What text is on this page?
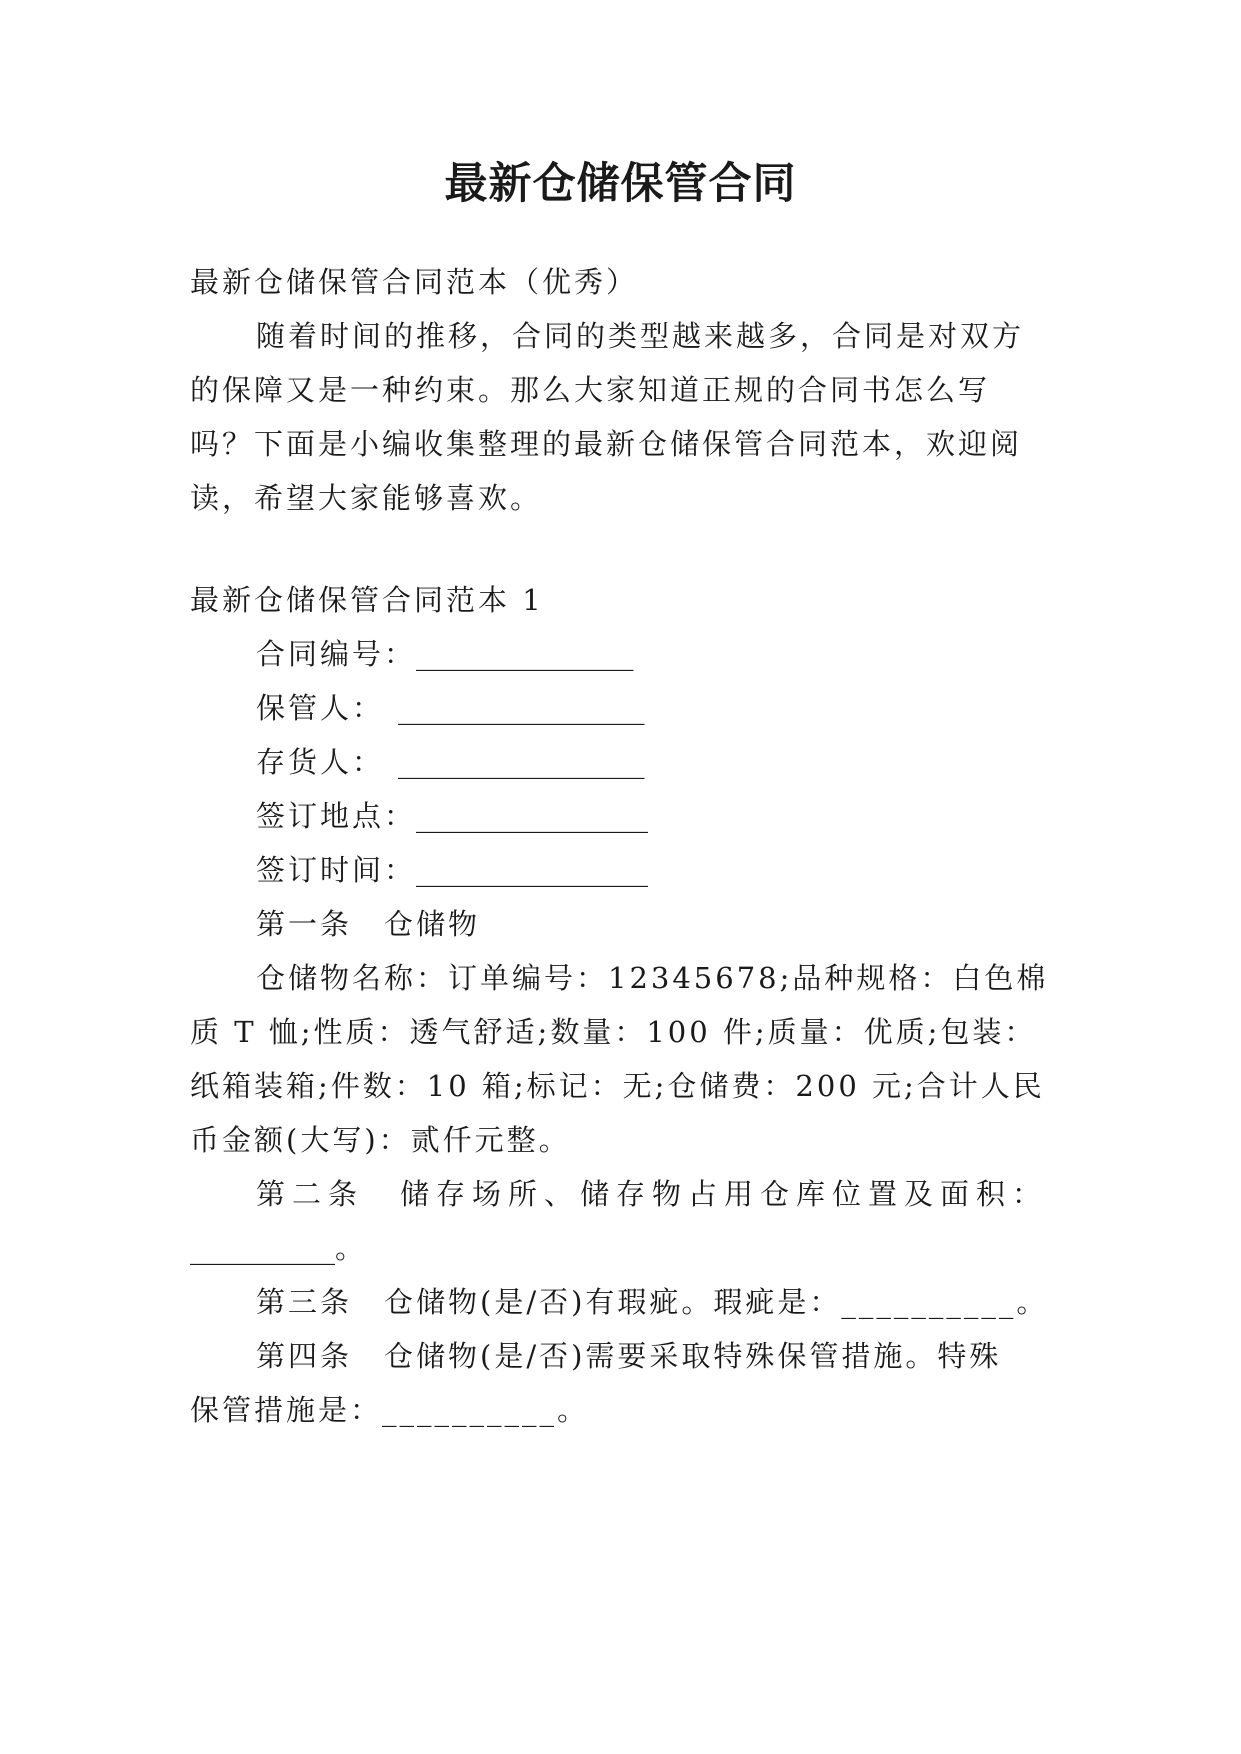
最新仓储保管合同
最新仓储保管合同范本（优秀）
随着时间的推移，合同的类型越来越多，合同是对双方
的保障又是一种约束。那么大家知道正规的合同书怎么写
吗？下面是小编收集整理的最新仓储保管合同范本，欢迎阅
读，希望大家能够喜欢。
最新仓储保管合同范本 1
合同编号：_______________
保管人： _________________
存货人： _________________
签订地点：________________
签订时间：________________
第一条　仓储物
仓储物名称：订单编号：12345678;品种规格：白色棉
质 T 恤;性质：透气舒适;数量：100 件;质量：优质;包装：
纸箱装箱;件数：10 箱;标记：无;仓储费：200 元;合计人民
币金额(大写)：贰仟元整。
第二条　储存场所、储存物占用仓库位置及面积：
__________。
第三条　仓储物(是/否)有瑕疵。瑕疵是：__________。
第四条　仓储物(是/否)需要采取特殊保管措施。特殊
保管措施是：__________。
